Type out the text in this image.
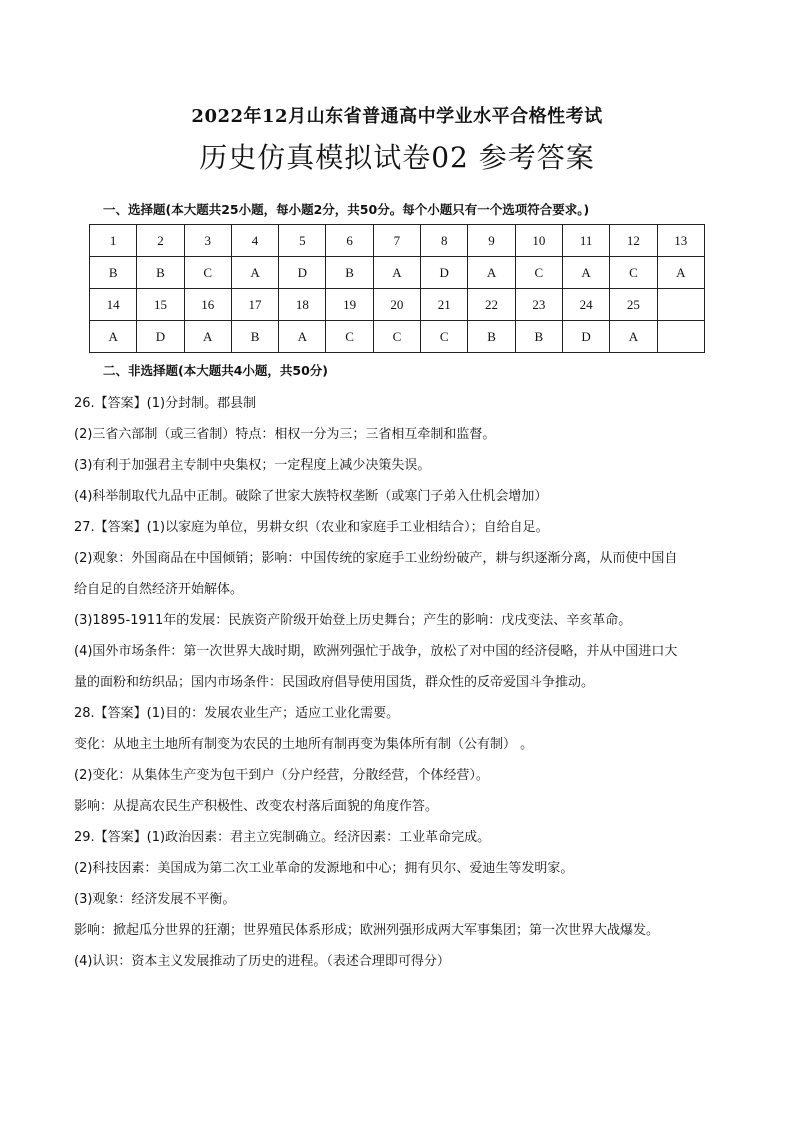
2022年12月山东省普通高中学业水平合格性考试
历史仿真模拟试卷02 参考答案
一、选择题(本大题共25小题，每小题2分，共50分。每个小题只有一个选项符合要求。)
1	2	3	4	5	6	7	8	9	10	11	12	13
B	B	C	A	D	B	A	D	A	C	A	C	A
14	15	16	17	18	19	20	21	22	23	24	25	
A	D	A	B	A	C	C	C	B	B	D	A	
二、非选择题(本大题共4小题，共50分)
26.【答案】(1)分封制。郡县制
(2)三省六部制（或三省制）特点：相权一分为三；三省相互牵制和监督。
(3)有利于加强君主专制中央集权；一定程度上减少决策失误。
(4)科举制取代九品中正制。破除了世家大族特权垄断（或寒门子弟入仕机会增加）
27.【答案】(1)以家庭为单位，男耕女织（农业和家庭手工业相结合）；自给自足。
(2)观象：外国商品在中国倾销；影响：中国传统的家庭手工业纷纷破产，耕与织逐渐分离，从而使中国自
给自足的自然经济开始解体。
(3)1895-1911年的发展：民族资产阶级开始登上历史舞台；产生的影响：戊戌变法、辛亥革命。
(4)国外市场条件：第一次世界大战时期，欧洲列强忙于战争，放松了对中国的经济侵略，并从中国进口大
量的面粉和纺织品；国内市场条件：民国政府倡导使用国货，群众性的反帝爱国斗争推动。
28.【答案】(1)目的：发展农业生产；适应工业化需要。
变化：从地主土地所有制变为农民的土地所有制再变为集体所有制（公有制） 。
(2)变化：从集体生产变为包干到户（分户经营，分散经营，个体经营）。
影响：从提高农民生产积极性、改变农村落后面貌的角度作答。
29.【答案】(1)政治因素：君主立宪制确立。经济因素：工业革命完成。
(2)科技因素：美国成为第二次工业革命的发源地和中心；拥有贝尔、爱迪生等发明家。
(3)观象：经济发展不平衡。
影响：掀起瓜分世界的狂潮；世界殖民体系形成；欧洲列强形成两大军事集团；第一次世界大战爆发。
(4)认识：资本主义发展推动了历史的进程。（表述合理即可得分）
